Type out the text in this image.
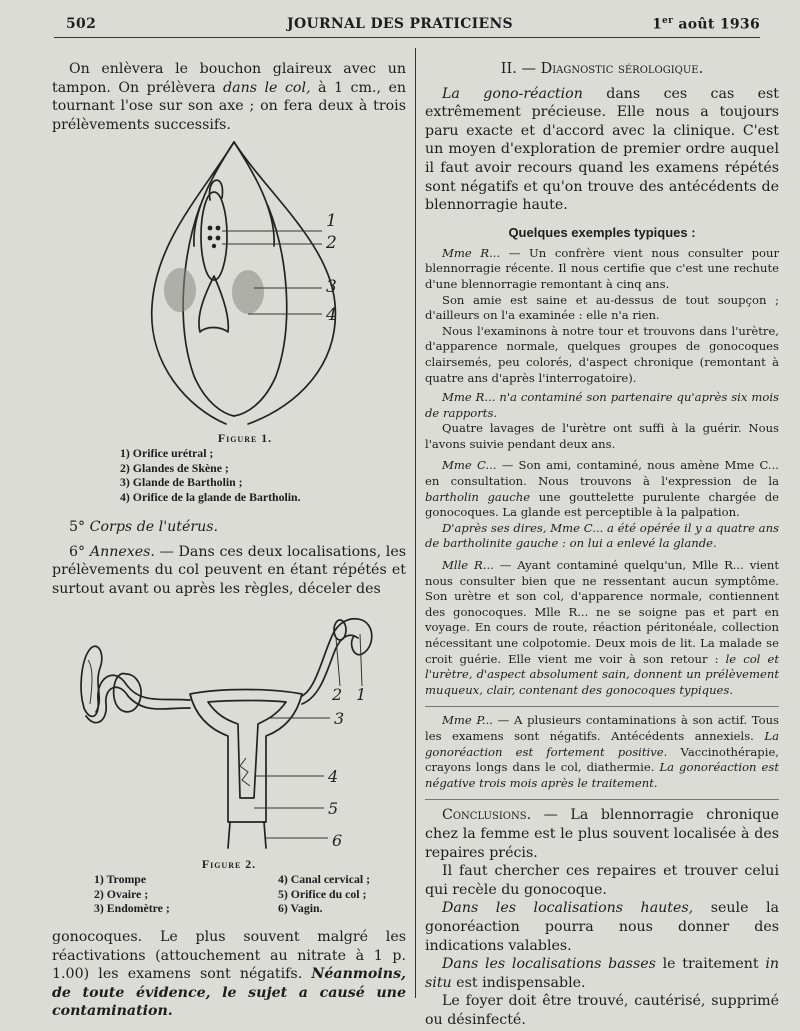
502	JOURNAL DES PRATICIENS	1er août 1936

On enlèvera le bouchon glaireux avec un tampon. On prélèvera dans le col, à 1 cm., en tournant l'ose sur son axe ; on fera deux à trois prélèvements successifs.

1
2
3
4
Figure 1.
1) Orifice urétral ;
2) Glandes de Skène ;
3) Glande de Bartholin ;
4) Orifice de la glande de Bartholin.

5° Corps de l'utérus.

6° Annexes. — Dans ces deux localisations, les prélèvements du col peuvent en étant répétés et surtout avant ou après les règles, déceler des

2 1
3
4
5
6
Figure 2.
1) Trompe
2) Ovaire ;
3) Endomètre ;
4) Canal cervical ;
5) Orifice du col ;
6) Vagin.

gonocoques. Le plus souvent malgré les réactivations (attouchement au nitrate à 1 p. 1.00) les examens sont négatifs. Néanmoins, de toute évidence, le sujet a causé une contamination.

II. — Diagnostic sérologique.

La gono-réaction dans ces cas est extrêmement précieuse. Elle nous a toujours paru exacte et d'accord avec la clinique. C'est un moyen d'exploration de premier ordre auquel il faut avoir recours quand les examens répétés sont négatifs et qu'on trouve des antécédents de blennorragie haute.

Quelques exemples typiques :

Mme R... — Un confrère vient nous consulter pour blennorragie récente. Il nous certifie que c'est une rechute d'une blennorragie remontant à cinq ans.

Son amie est saine et au-dessus de tout soupçon ; d'ailleurs on l'a examinée : elle n'a rien.

Nous l'examinons à notre tour et trouvons dans l'urètre, d'apparence normale, quelques groupes de gonocoques clairsemés, peu colorés, d'aspect chronique (remontant à quatre ans d'après l'interrogatoire).

Mme R... n'a contaminé son partenaire qu'après six mois de rapports.

Quatre lavages de l'urètre ont suffi à la guérir. Nous l'avons suivie pendant deux ans.

Mme C... — Son ami, contaminé, nous amène Mme C... en consultation. Nous trouvons à l'expression de la bartholin gauche une gouttelette purulente chargée de gonocoques. La glande est perceptible à la palpation.

D'après ses dires, Mme C... a été opérée il y a quatre ans de bartholinite gauche : on lui a enlevé la glande.

Mlle R... — Ayant contaminé quelqu'un, Mlle R... vient nous consulter bien que ne ressentant aucun symptôme. Son urètre et son col, d'apparence normale, contiennent des gonocoques. Mlle R... ne se soigne pas et part en voyage. En cours de route, réaction péritonéale, collection nécessitant une colpotomie. Deux mois de lit. La malade se croit guérie. Elle vient me voir à son retour : le col et l'urètre, d'aspect absolument sain, donnent un prélèvement muqueux, clair, contenant des gonocoques typiques.

Mme P... — A plusieurs contaminations à son actif. Tous les examens sont négatifs. Antécédents annexiels. La gonoréaction est fortement positive. Vaccinothérapie, crayons longs dans le col, diathermie. La gonoréaction est négative trois mois après le traitement.

Conclusions. — La blennorragie chronique chez la femme est le plus souvent localisée à des repaires précis.

Il faut chercher ces repaires et trouver celui qui recèle du gonocoque.

Dans les localisations hautes, seule la gonoréaction pourra nous donner des indications valables.

Dans les localisations basses le traitement in situ est indispensable.

Le foyer doit être trouvé, cautérisé, supprimé ou désinfecté.
